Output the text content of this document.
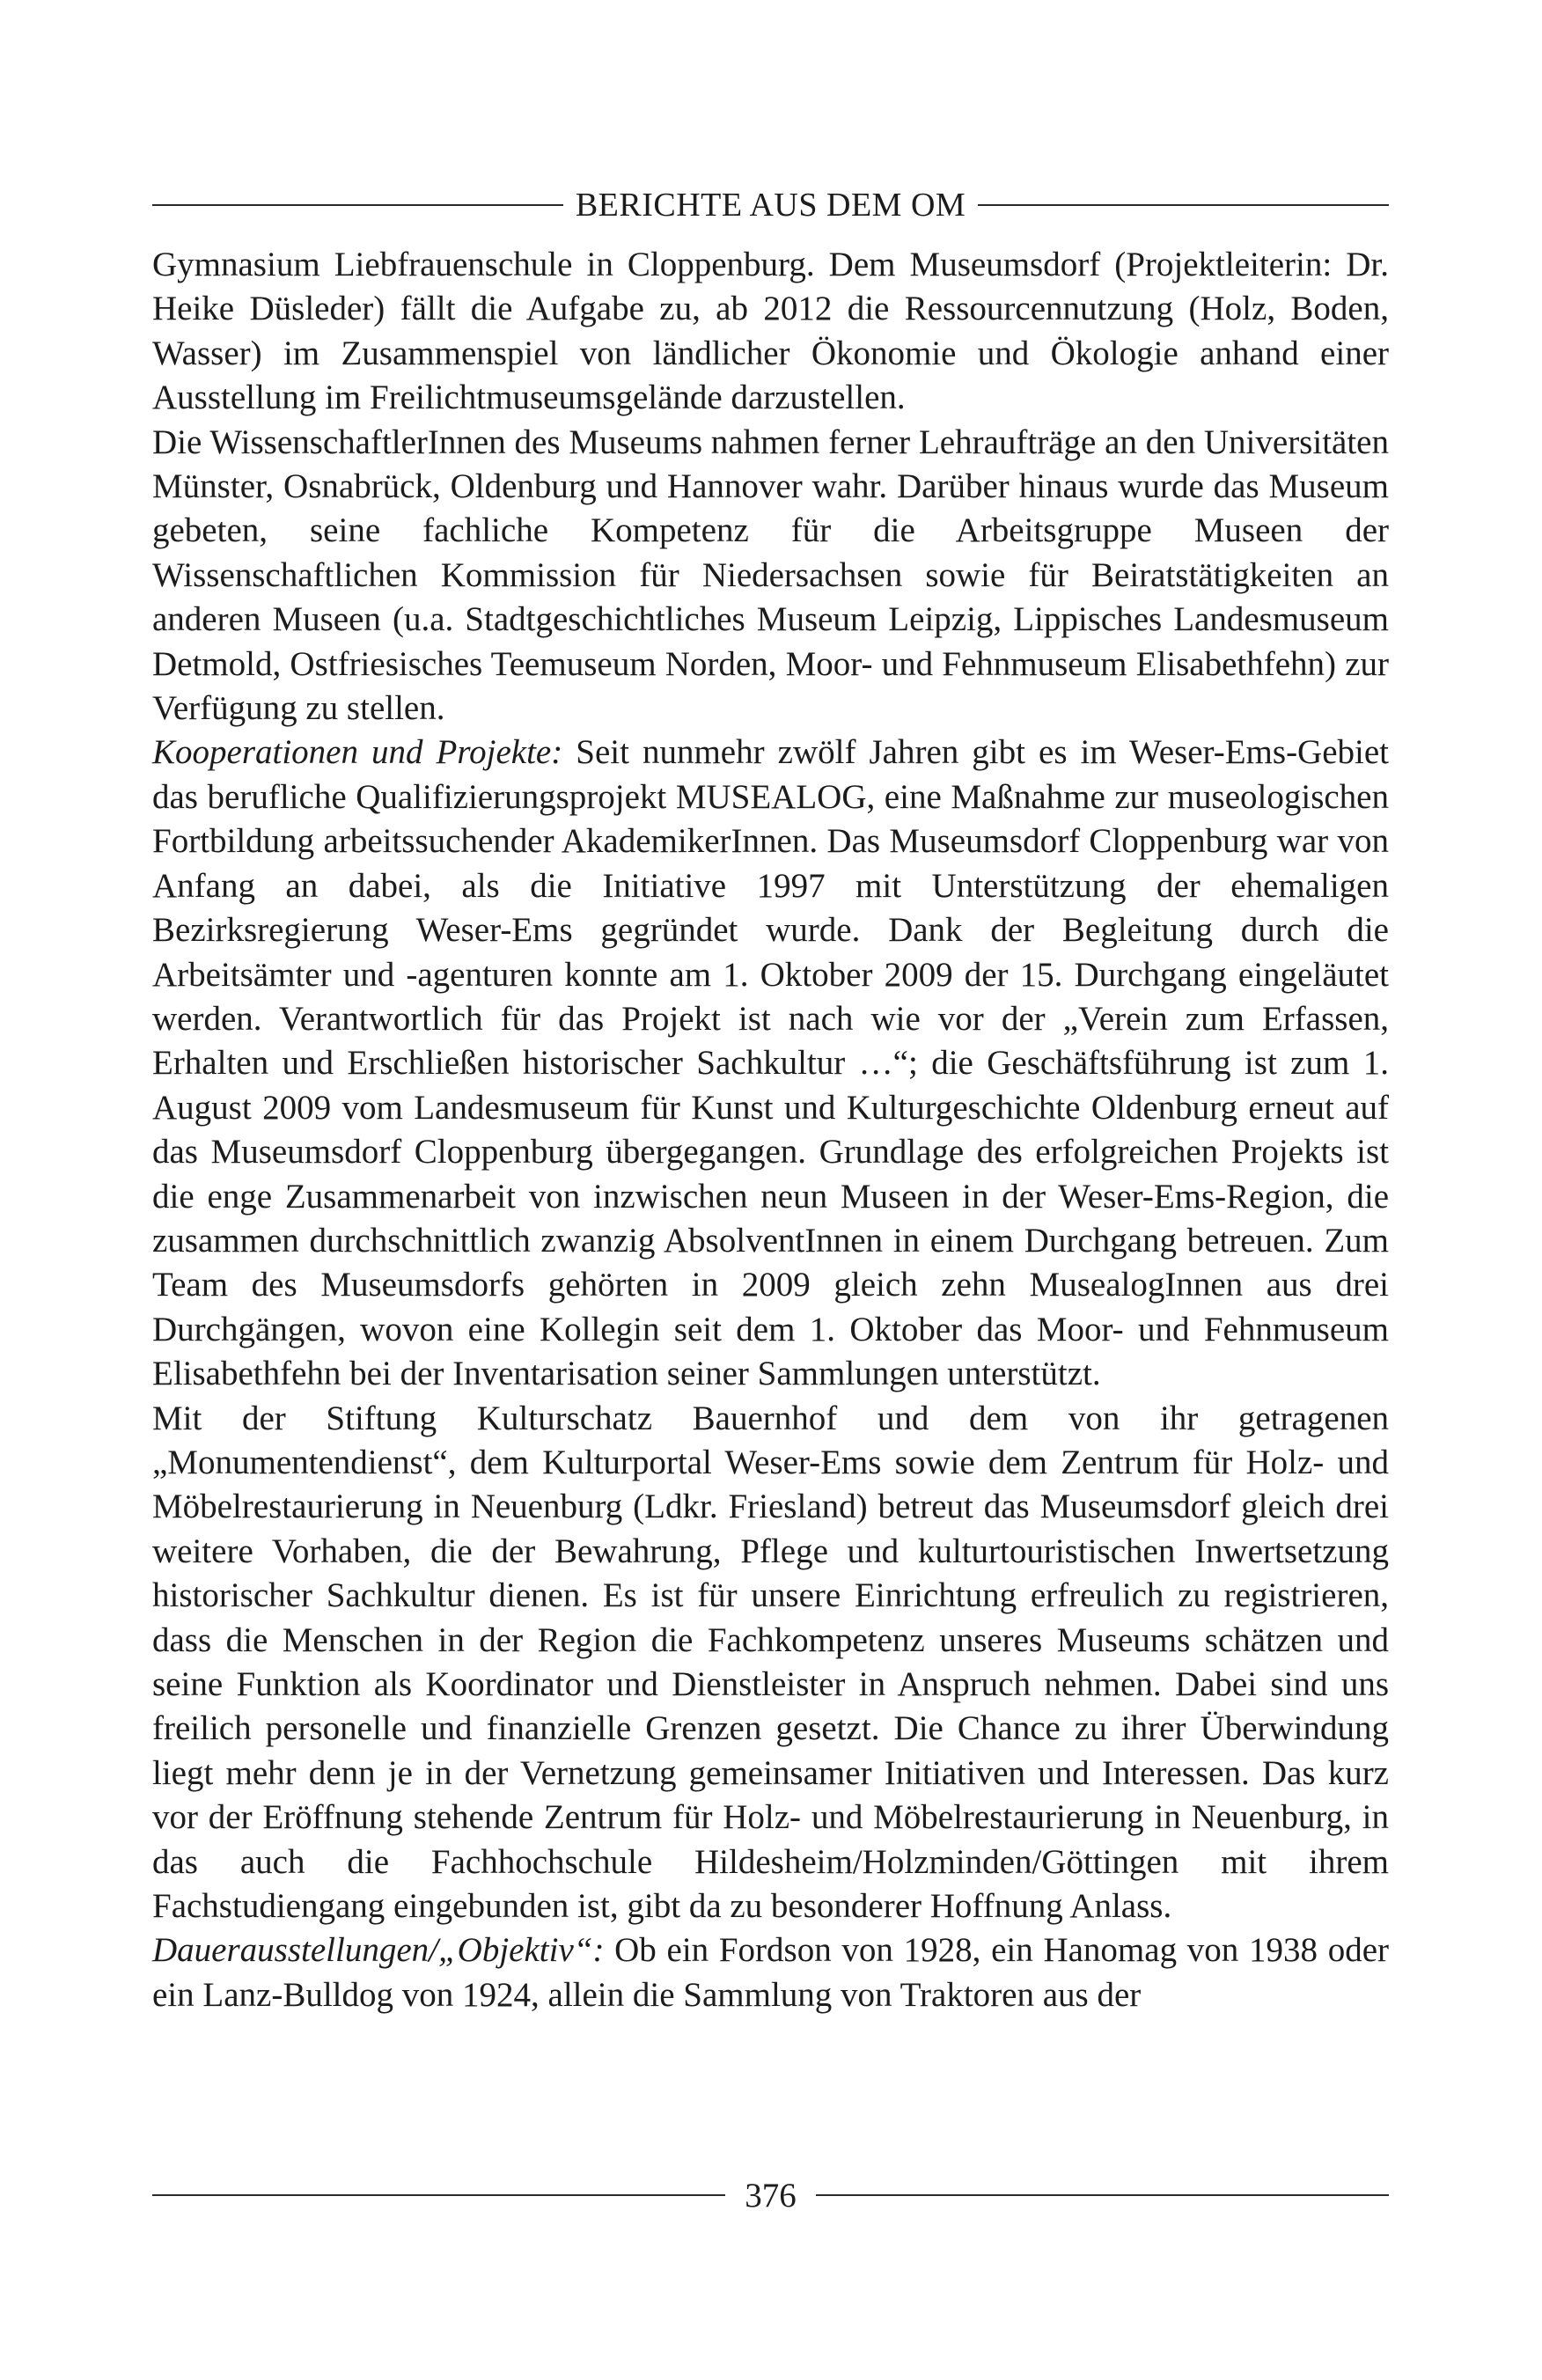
BERICHTE AUS DEM OM

Gymnasium Liebfrauenschule in Cloppenburg. Dem Museumsdorf (Projektleiterin: Dr. Heike Düsleder) fällt die Aufgabe zu, ab 2012 die Ressourcennutzung (Holz, Boden, Wasser) im Zusammenspiel von ländlicher Ökonomie und Ökologie anhand einer Ausstellung im Freilichtmuseumsgelände darzustellen.

Die WissenschaftlerInnen des Museums nahmen ferner Lehraufträge an den Universitäten Münster, Osnabrück, Oldenburg und Hannover wahr. Darüber hinaus wurde das Museum gebeten, seine fachliche Kompetenz für die Arbeitsgruppe Museen der Wissenschaftlichen Kommission für Niedersachsen sowie für Beiratstätigkeiten an anderen Museen (u.a. Stadtgeschichtliches Museum Leipzig, Lippisches Landesmuseum Detmold, Ostfriesisches Teemuseum Norden, Moor- und Fehnmuseum Elisabethfehn) zur Verfügung zu stellen.

Kooperationen und Projekte: Seit nunmehr zwölf Jahren gibt es im Weser-Ems-Gebiet das berufliche Qualifizierungsprojekt MUSEALOG, eine Maßnahme zur museologischen Fortbildung arbeitssuchender AkademikerInnen. Das Museumsdorf Cloppenburg war von Anfang an dabei, als die Initiative 1997 mit Unterstützung der ehemaligen Bezirksregierung Weser-Ems gegründet wurde. Dank der Begleitung durch die Arbeitsämter und -agenturen konnte am 1. Oktober 2009 der 15. Durchgang eingeläutet werden. Verantwortlich für das Projekt ist nach wie vor der „Verein zum Erfassen, Erhalten und Erschließen historischer Sachkultur …“; die Geschäftsführung ist zum 1. August 2009 vom Landesmuseum für Kunst und Kulturgeschichte Oldenburg erneut auf das Museumsdorf Cloppenburg übergegangen. Grundlage des erfolgreichen Projekts ist die enge Zusammenarbeit von inzwischen neun Museen in der Weser-Ems-Region, die zusammen durchschnittlich zwanzig AbsolventInnen in einem Durchgang betreuen. Zum Team des Museumsdorfs gehörten in 2009 gleich zehn MusealogInnen aus drei Durchgängen, wovon eine Kollegin seit dem 1. Oktober das Moor- und Fehnmuseum Elisabethfehn bei der Inventarisation seiner Sammlungen unterstützt.

Mit der Stiftung Kulturschatz Bauernhof und dem von ihr getragenen „Monumentendienst“, dem Kulturportal Weser-Ems sowie dem Zentrum für Holz- und Möbelrestaurierung in Neuenburg (Ldkr. Friesland) betreut das Museumsdorf gleich drei weitere Vorhaben, die der Bewahrung, Pflege und kulturtouristischen Inwertsetzung historischer Sachkultur dienen. Es ist für unsere Einrichtung erfreulich zu registrieren, dass die Menschen in der Region die Fachkompetenz unseres Museums schätzen und seine Funktion als Koordinator und Dienstleister in Anspruch nehmen. Dabei sind uns freilich personelle und finanzielle Grenzen gesetzt. Die Chance zu ihrer Überwindung liegt mehr denn je in der Vernetzung gemeinsamer Initiativen und Interessen. Das kurz vor der Eröffnung stehende Zentrum für Holz- und Möbelrestaurierung in Neuenburg, in das auch die Fachhochschule Hildesheim/Holzminden/Göttingen mit ihrem Fachstudiengang eingebunden ist, gibt da zu besonderer Hoffnung Anlass.

Dauerausstellungen/„Objektiv“: Ob ein Fordson von 1928, ein Hanomag von 1938 oder ein Lanz-Bulldog von 1924, allein die Sammlung von Traktoren aus der

376
